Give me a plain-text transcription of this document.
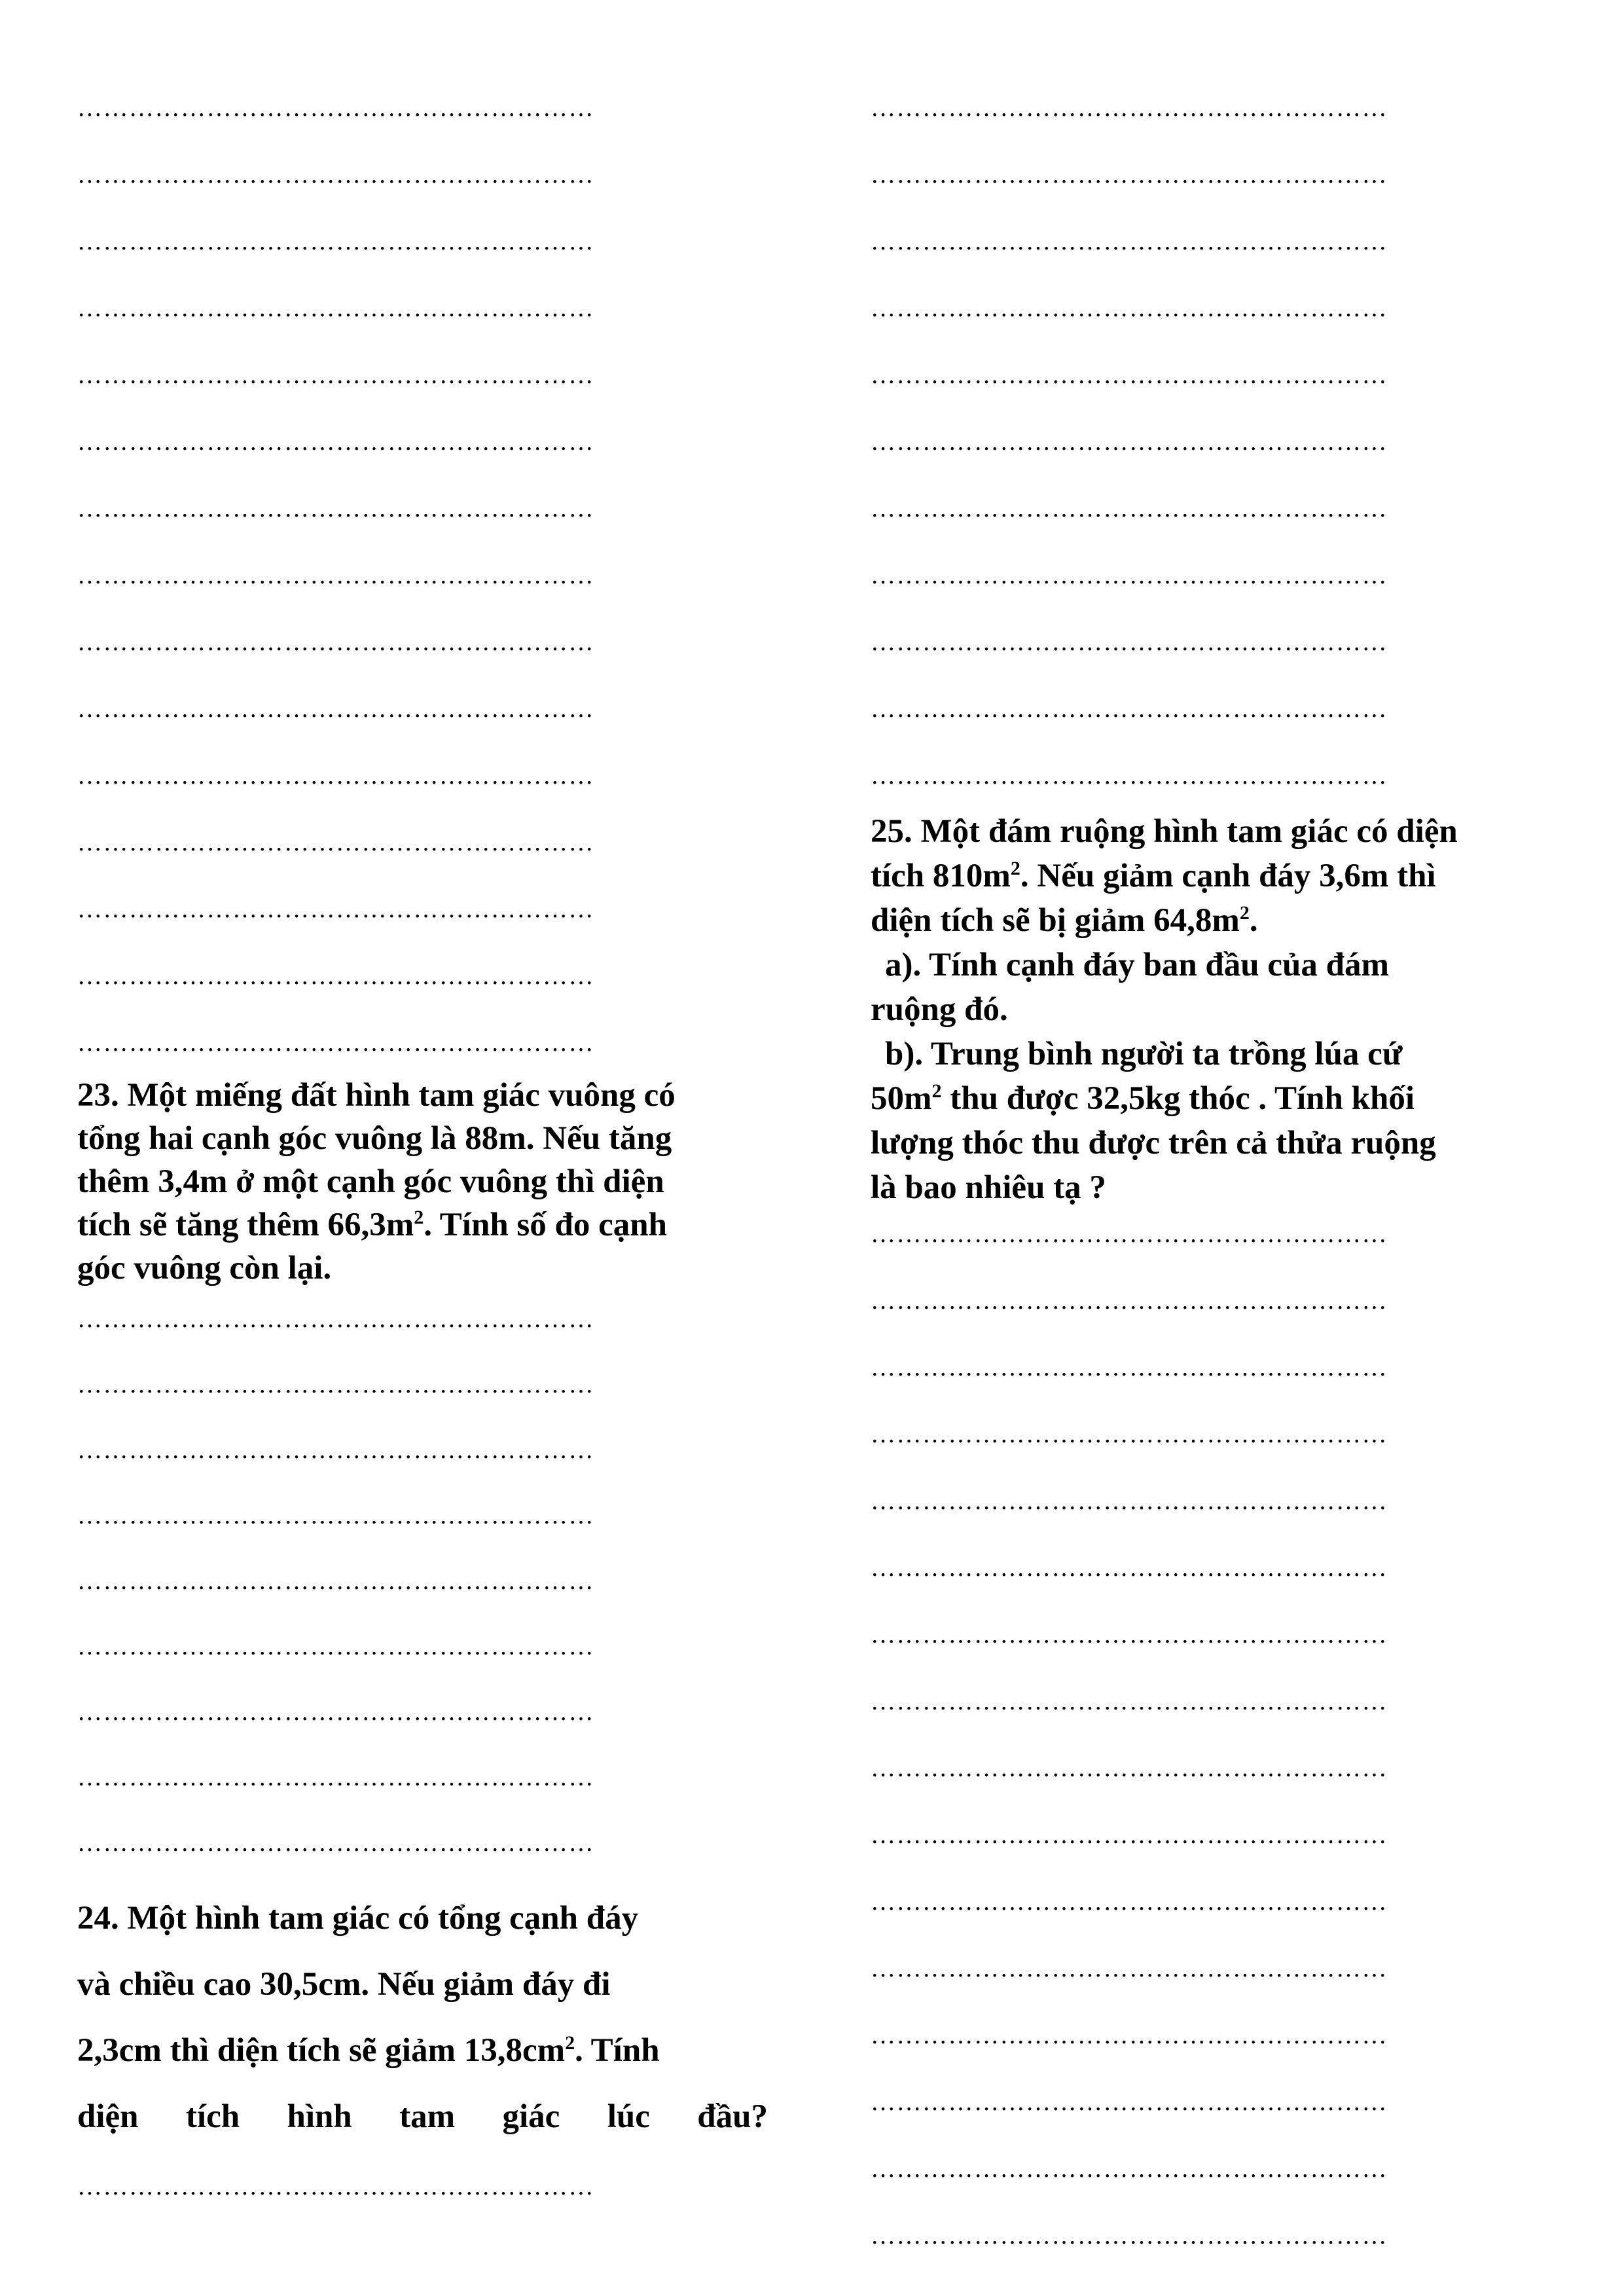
……………………………………………………
……………………………………………………
……………………………………………………
……………………………………………………
……………………………………………………
……………………………………………………
……………………………………………………
……………………………………………………
……………………………………………………
……………………………………………………
……………………………………………………
……………………………………………………
……………………………………………………
……………………………………………………
……………………………………………………
23. Một miếng đất hình tam giác vuông có
tổng hai cạnh góc vuông là 88m. Nếu tăng
thêm 3,4m ở một cạnh góc vuông thì diện
tích sẽ tăng thêm $66,3m^2$. Tính số đo cạnh
góc vuông còn lại.
……………………………………………………
……………………………………………………
……………………………………………………
……………………………………………………
……………………………………………………
……………………………………………………
……………………………………………………
……………………………………………………
……………………………………………………
24. Một hình tam giác có tổng cạnh đáy
và chiều cao 30,5cm. Nếu giảm đáy đi
2,3cm thì diện tích sẽ giảm $13,8cm^2$. Tính
diện tích hình tam giác lúc đầu?
……………………………………………………
……………………………………………………
……………………………………………………
……………………………………………………
……………………………………………………
……………………………………………………
……………………………………………………
……………………………………………………
……………………………………………………
……………………………………………………
……………………………………………………
……………………………………………………
25. Một đám ruộng hình tam giác có diện
tích $810m^2$. Nếu giảm cạnh đáy 3,6m thì
diện tích sẽ bị giảm $64,8m^2$.
a). Tính cạnh đáy ban đầu của đám
ruộng đó.
b). Trung bình người ta trồng lúa cứ
$50m^2$ thu được 32,5kg thóc . Tính khối
lượng thóc thu được trên cả thửa ruộng
là bao nhiêu tạ ?
……………………………………………………
……………………………………………………
……………………………………………………
……………………………………………………
……………………………………………………
……………………………………………………
……………………………………………………
……………………………………………………
……………………………………………………
……………………………………………………
……………………………………………………
……………………………………………………
……………………………………………………
……………………………………………………
……………………………………………………
……………………………………………………
